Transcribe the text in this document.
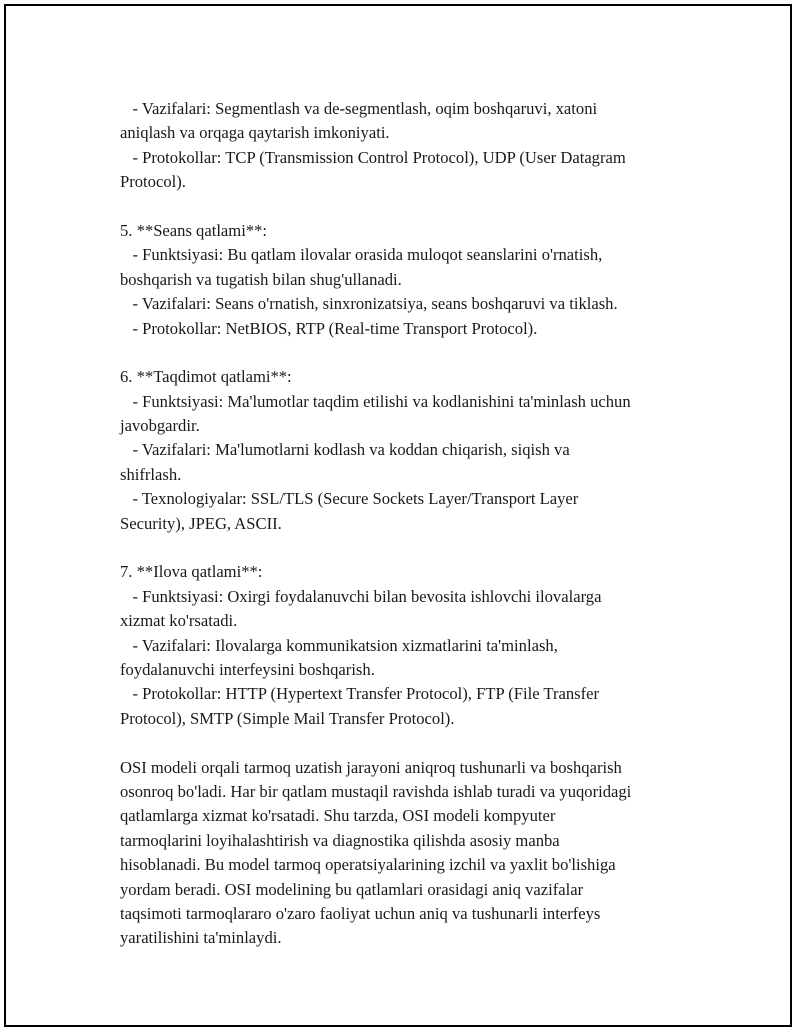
- Vazifalari: Segmentlash va de-segmentlash, oqim boshqaruvi, xatoni
aniqlash va orqaga qaytarish imkoniyati.
- Protokollar: TCP (Transmission Control Protocol), UDP (User Datagram
Protocol).
5. **Seans qatlami**:
- Funktsiyasi: Bu qatlam ilovalar orasida muloqot seanslarini o'rnatish,
boshqarish va tugatish bilan shug'ullanadi.
- Vazifalari: Seans o'rnatish, sinxronizatsiya, seans boshqaruvi va tiklash.
- Protokollar: NetBIOS, RTP (Real-time Transport Protocol).
6. **Taqdimot qatlami**:
- Funktsiyasi: Ma'lumotlar taqdim etilishi va kodlanishini ta'minlash uchun
javobgardir.
- Vazifalari: Ma'lumotlarni kodlash va koddan chiqarish, siqish va
shifrlash.
- Texnologiyalar: SSL/TLS (Secure Sockets Layer/Transport Layer
Security), JPEG, ASCII.
7. **Ilova qatlami**:
- Funktsiyasi: Oxirgi foydalanuvchi bilan bevosita ishlovchi ilovalarga
xizmat ko'rsatadi.
- Vazifalari: Ilovalarga kommunikatsion xizmatlarini ta'minlash,
foydalanuvchi interfeysini boshqarish.
- Protokollar: HTTP (Hypertext Transfer Protocol), FTP (File Transfer
Protocol), SMTP (Simple Mail Transfer Protocol).
OSI modeli orqali tarmoq uzatish jarayoni aniqroq tushunarli va boshqarish
osonroq bo'ladi. Har bir qatlam mustaqil ravishda ishlab turadi va yuqoridagi
qatlamlarga xizmat ko'rsatadi. Shu tarzda, OSI modeli kompyuter
tarmoqlarini loyihalashtirish va diagnostika qilishda asosiy manba
hisoblanadi. Bu model tarmoq operatsiyalarining izchil va yaxlit bo'lishiga
yordam beradi. OSI modelining bu qatlamlari orasidagi aniq vazifalar
taqsimoti tarmoqlararo o'zaro faoliyat uchun aniq va tushunarli interfeys
yaratilishini ta'minlaydi.
